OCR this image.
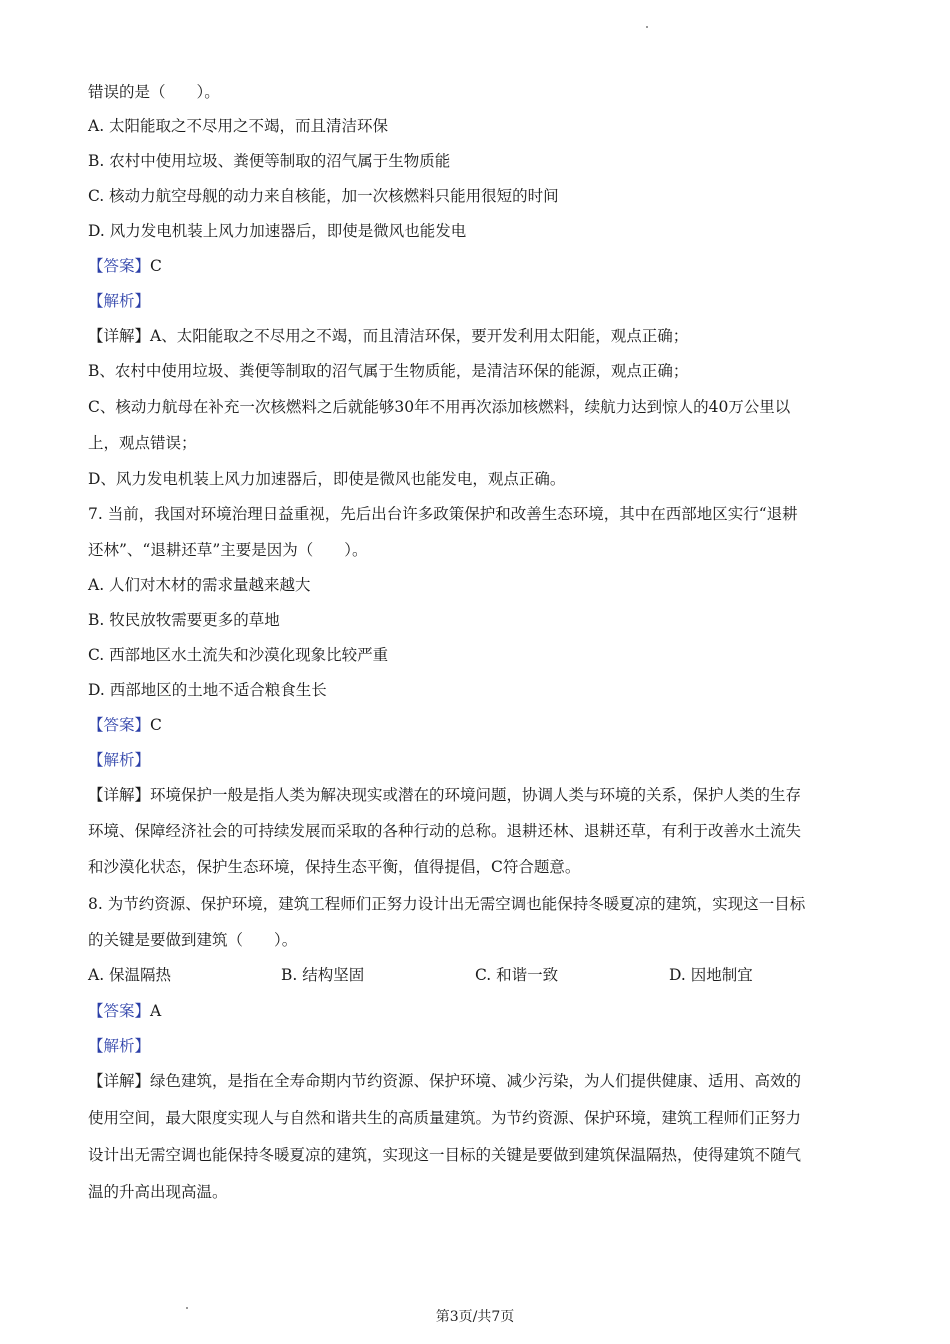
错误的是（　　）。
A. 太阳能取之不尽用之不竭，而且清洁环保
B. 农村中使用垃圾、粪便等制取的沼气属于生物质能
C. 核动力航空母舰的动力来自核能，加一次核燃料只能用很短的时间
D. 风力发电机装上风力加速器后，即使是微风也能发电
【答案】C
【解析】
【详解】A、太阳能取之不尽用之不竭，而且清洁环保，要开发利用太阳能，观点正确；
B、农村中使用垃圾、粪便等制取的沼气属于生物质能，是清洁环保的能源，观点正确；
C、核动力航母在补充一次核燃料之后就能够30年不用再次添加核燃料，续航力达到惊人的40万公里以
上，观点错误；
D、风力发电机装上风力加速器后，即使是微风也能发电，观点正确。
7. 当前，我国对环境治理日益重视，先后出台许多政策保护和改善生态环境，其中在西部地区实行“退耕
还林”、“退耕还草”主要是因为（　　）。
A. 人们对木材的需求量越来越大
B. 牧民放牧需要更多的草地
C. 西部地区水土流失和沙漠化现象比较严重
D. 西部地区的土地不适合粮食生长
【答案】C
【解析】
【详解】环境保护一般是指人类为解决现实或潜在的环境问题，协调人类与环境的关系，保护人类的生存
环境、保障经济社会的可持续发展而采取的各种行动的总称。退耕还林、退耕还草，有利于改善水土流失
和沙漠化状态，保护生态环境，保持生态平衡，值得提倡，C符合题意。
8. 为节约资源、保护环境，建筑工程师们正努力设计出无需空调也能保持冬暖夏凉的建筑，实现这一目标
的关键是要做到建筑（　　）。
A. 保温隔热	B. 结构坚固	C. 和谐一致	D. 因地制宜
【答案】A
【解析】
【详解】绿色建筑，是指在全寿命期内节约资源、保护环境、减少污染，为人们提供健康、适用、高效的
使用空间，最大限度实现人与自然和谐共生的高质量建筑。为节约资源、保护环境，建筑工程师们正努力
设计出无需空调也能保持冬暖夏凉的建筑，实现这一目标的关键是要做到建筑保温隔热，使得建筑不随气
温的升高出现高温。
第3页/共7页
